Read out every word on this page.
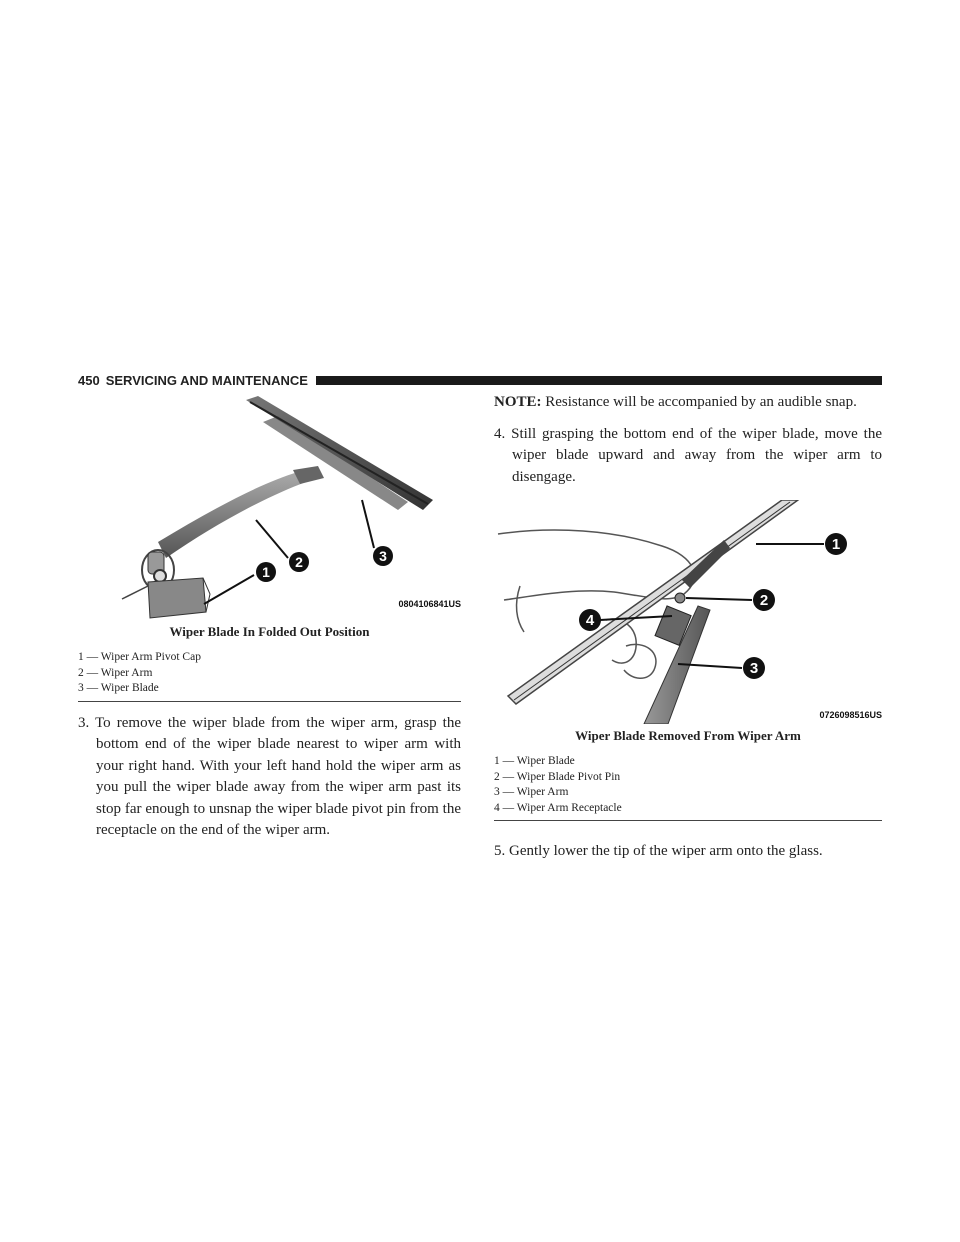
450 SERVICING AND MAINTENANCE
1
2	3
0804106841US
Wiper Blade In Folded Out Position
1 — Wiper Arm Pivot Cap
2 — Wiper Arm
3 — Wiper Blade

3. To remove the wiper blade from the wiper arm, grasp the bottom end of the wiper blade nearest to wiper arm with your right hand. With your left hand hold the wiper arm as you pull the wiper blade away from the wiper arm past its stop far enough to unsnap the wiper blade pivot pin from the receptacle on the end of the wiper arm.

NOTE: Resistance will be accompanied by an audible snap.

4. Still grasping the bottom end of the wiper blade, move the wiper blade upward and away from the wiper arm to disengage.

1
2
3
4
0726098516US
Wiper Blade Removed From Wiper Arm
1 — Wiper Blade
2 — Wiper Blade Pivot Pin
3 — Wiper Arm
4 — Wiper Arm Receptacle

5. Gently lower the tip of the wiper arm onto the glass.
